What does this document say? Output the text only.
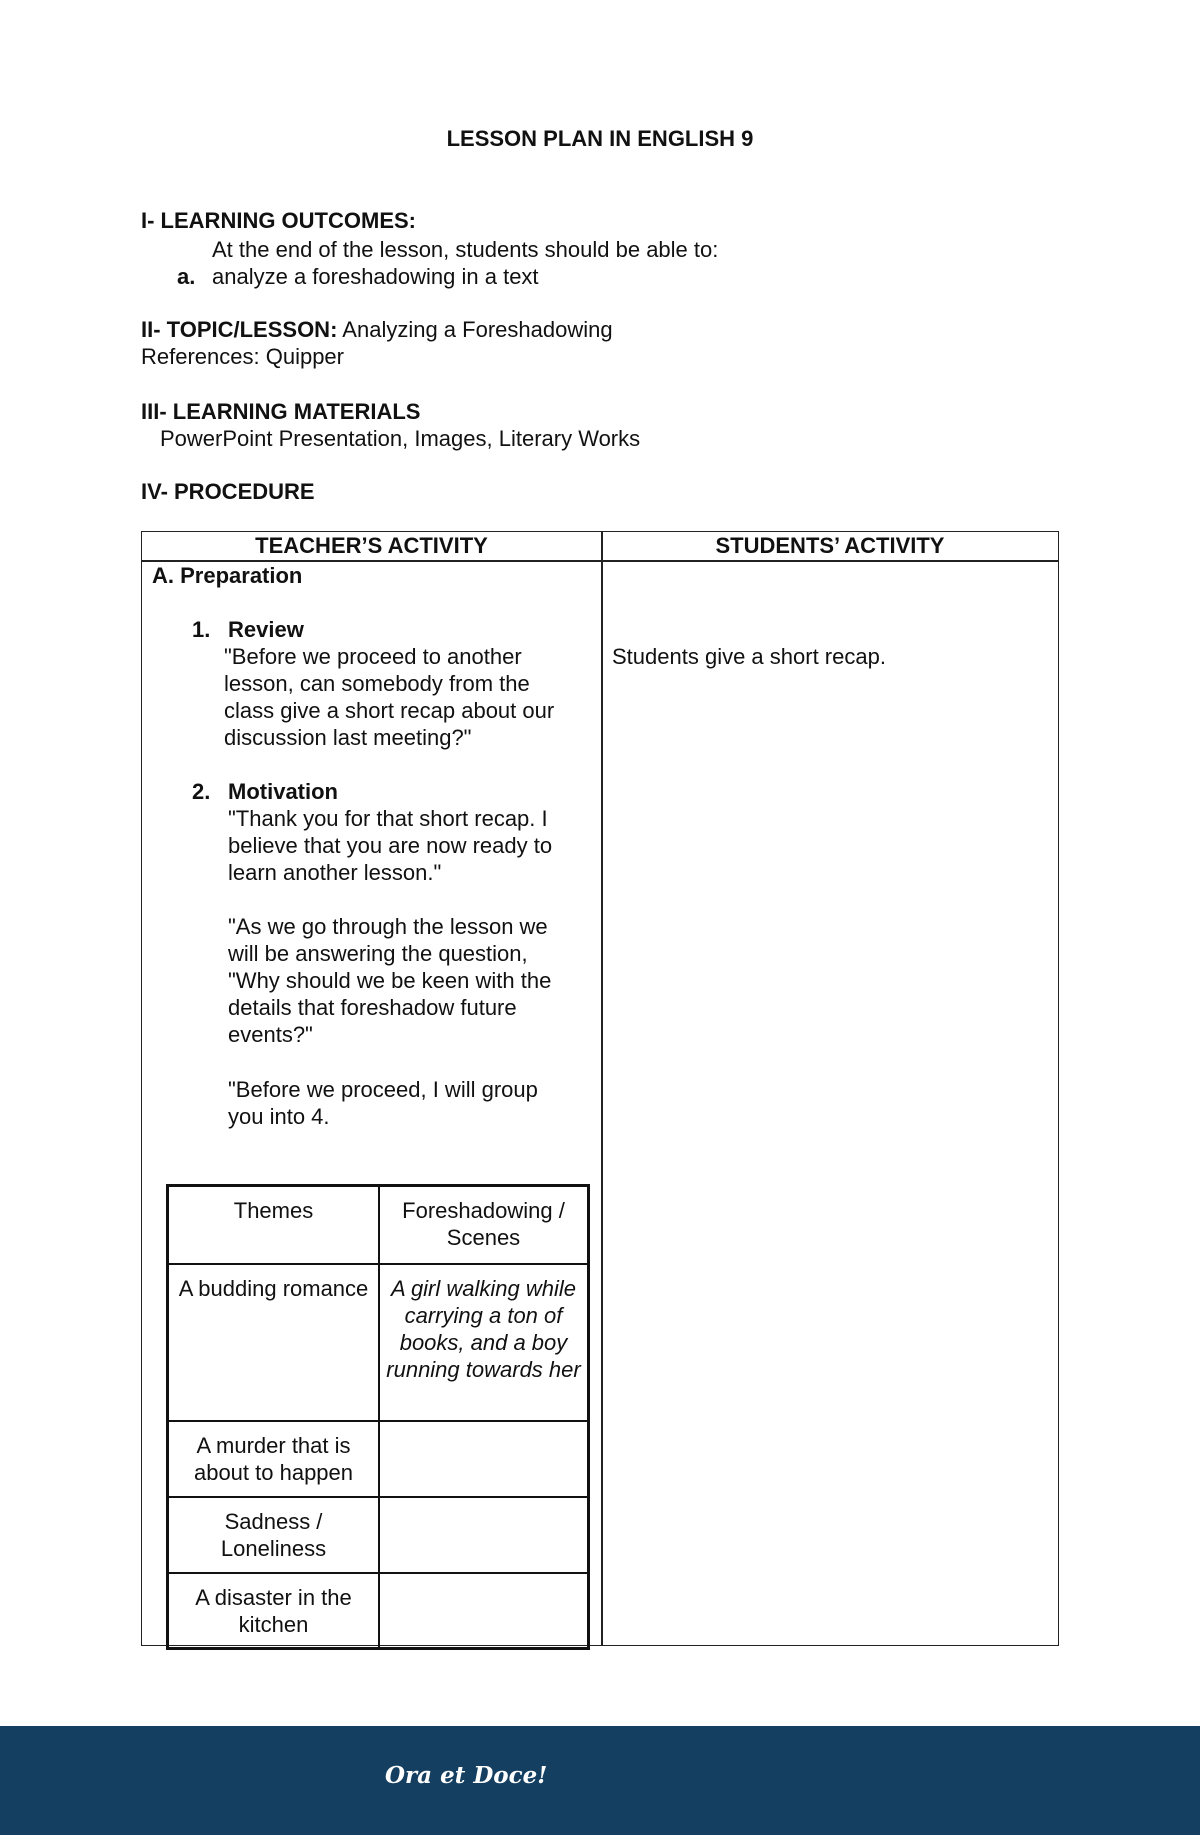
LESSON PLAN IN ENGLISH 9
I- LEARNING OUTCOMES:
At the end of the lesson, students should be able to:
a. analyze a foreshadowing in a text
II- TOPIC/LESSON: Analyzing a Foreshadowing
References: Quipper
III- LEARNING MATERIALS
PowerPoint Presentation, Images, Literary Works
IV- PROCEDURE
TEACHER’S ACTIVITY	STUDENTS’ ACTIVITY
A. Preparation
1. Review
"Before we proceed to another
lesson, can somebody from the
class give a short recap about our
discussion last meeting?"
2. Motivation
"Thank you for that short recap. I
believe that you are now ready to
learn another lesson."
"As we go through the lesson we
will be answering the question,
"Why should we be keen with the
details that foreshadow future
events?"
"Before we proceed, I will group
you into 4.
Themes	Foreshadowing / Scenes
A budding romance	A girl walking while carrying a ton of books, and a boy running towards her
A murder that is about to happen
Sadness / Loneliness
A disaster in the kitchen
Students give a short recap.
Ora et Doce!
